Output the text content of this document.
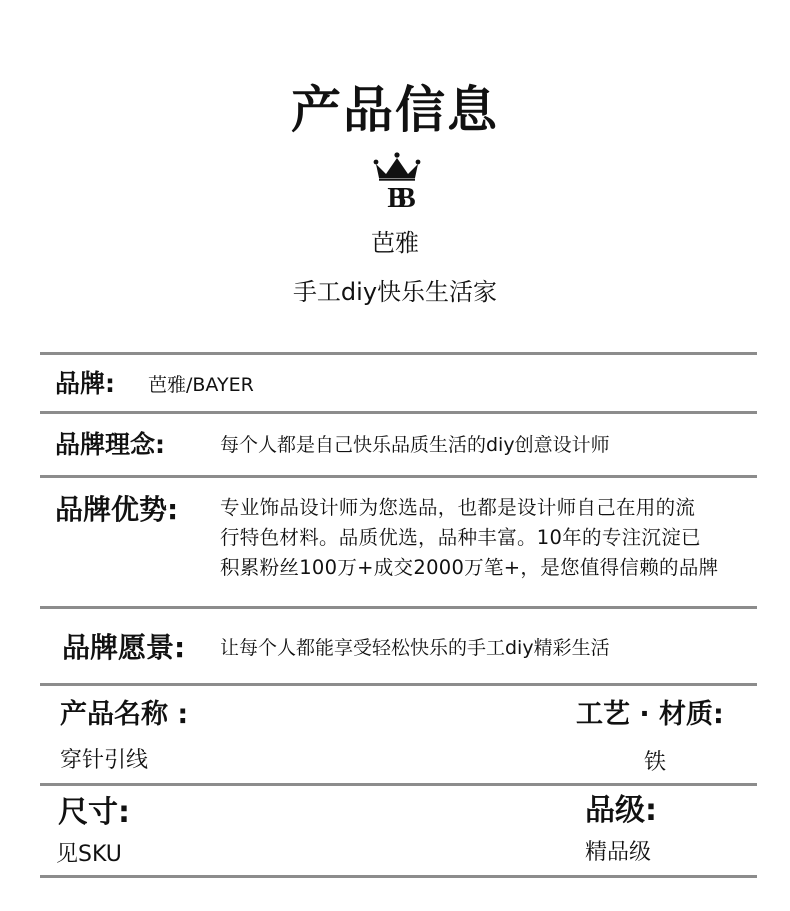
产品信息
BB
芭雅
手工diy快乐生活家
品牌: 芭雅/BAYER
品牌理念:	每个人都是自己快乐品质生活的diy创意设计师
品牌优势: 专业饰品设计师为您选品，也都是设计师自己在用的流
行特色材料。品质优选，品种丰富。10年的专注沉淀已
积累粉丝100万+成交2000万笔+，是您值得信赖的品牌
品牌愿景: 让每个人都能享受轻松快乐的手工diy精彩生活
产品名称 :	工艺 · 材质:
穿针引线	铁
尺寸:	品级:
见SKU	精品级
